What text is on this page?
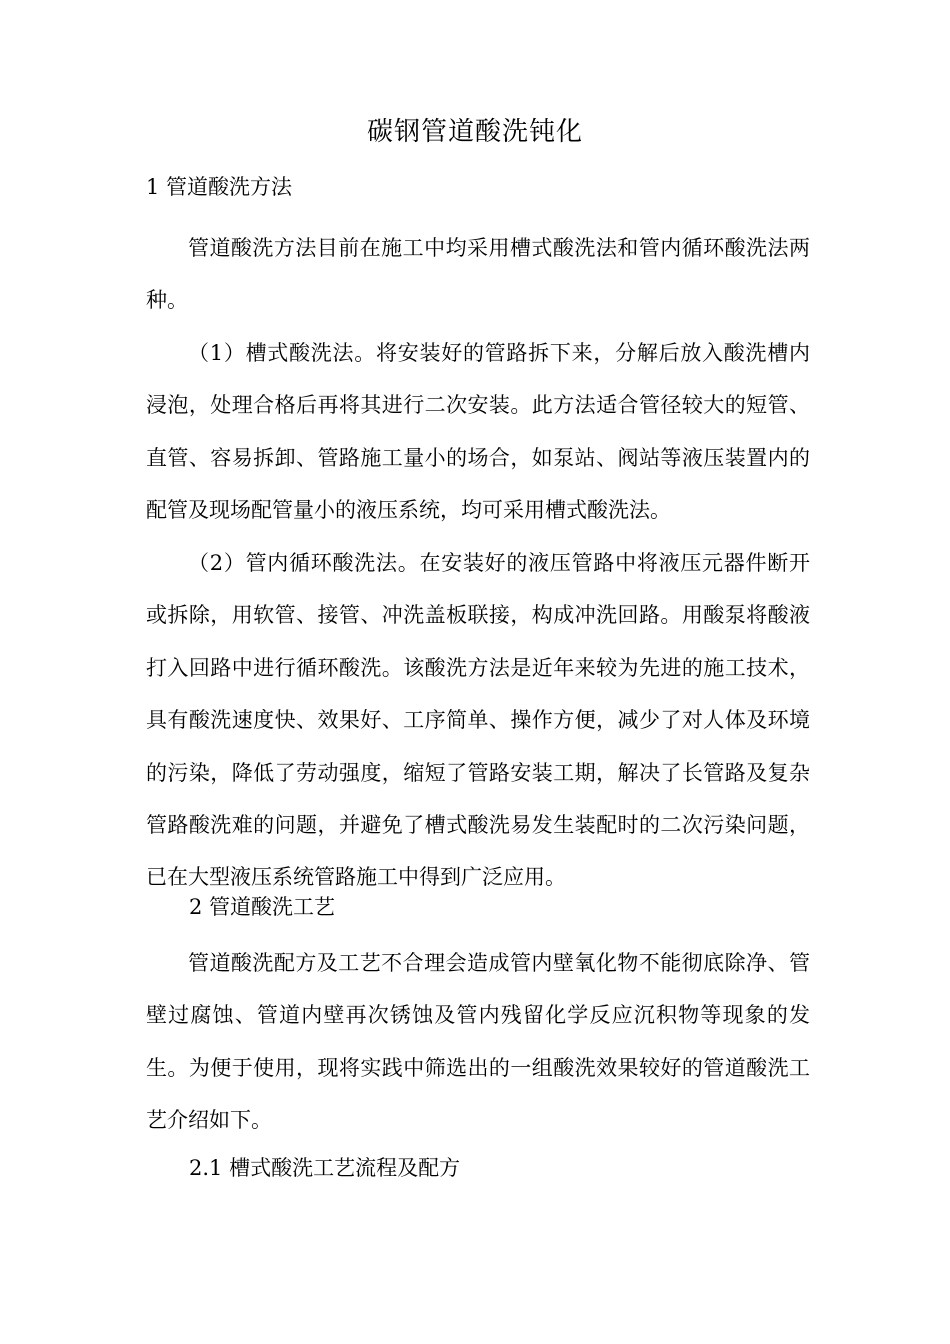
碳钢管道酸洗钝化
1 管道酸洗方法

管道酸洗方法目前在施工中均采用槽式酸洗法和管内循环酸洗法两种。

（1）槽式酸洗法。将安装好的管路拆下来，分解后放入酸洗槽内浸泡，处理合格后再将其进行二次安装。此方法适合管径较大的短管、直管、容易拆卸、管路施工量小的场合，如泵站、阀站等液压装置内的配管及现场配管量小的液压系统，均可采用槽式酸洗法。

（2）管内循环酸洗法。在安装好的液压管路中将液压元器件断开或拆除，用软管、接管、冲洗盖板联接，构成冲洗回路。用酸泵将酸液打入回路中进行循环酸洗。该酸洗方法是近年来较为先进的施工技术，具有酸洗速度快、效果好、工序简单、操作方便，减少了对人体及环境的污染，降低了劳动强度，缩短了管路安装工期，解决了长管路及复杂管路酸洗难的问题，并避免了槽式酸洗易发生装配时的二次污染问题，已在大型液压系统管路施工中得到广泛应用。

2 管道酸洗工艺

管道酸洗配方及工艺不合理会造成管内壁氧化物不能彻底除净、管壁过腐蚀、管道内壁再次锈蚀及管内残留化学反应沉积物等现象的发生。为便于使用，现将实践中筛选出的一组酸洗效果较好的管道酸洗工艺介绍如下。

2.1 槽式酸洗工艺流程及配方
